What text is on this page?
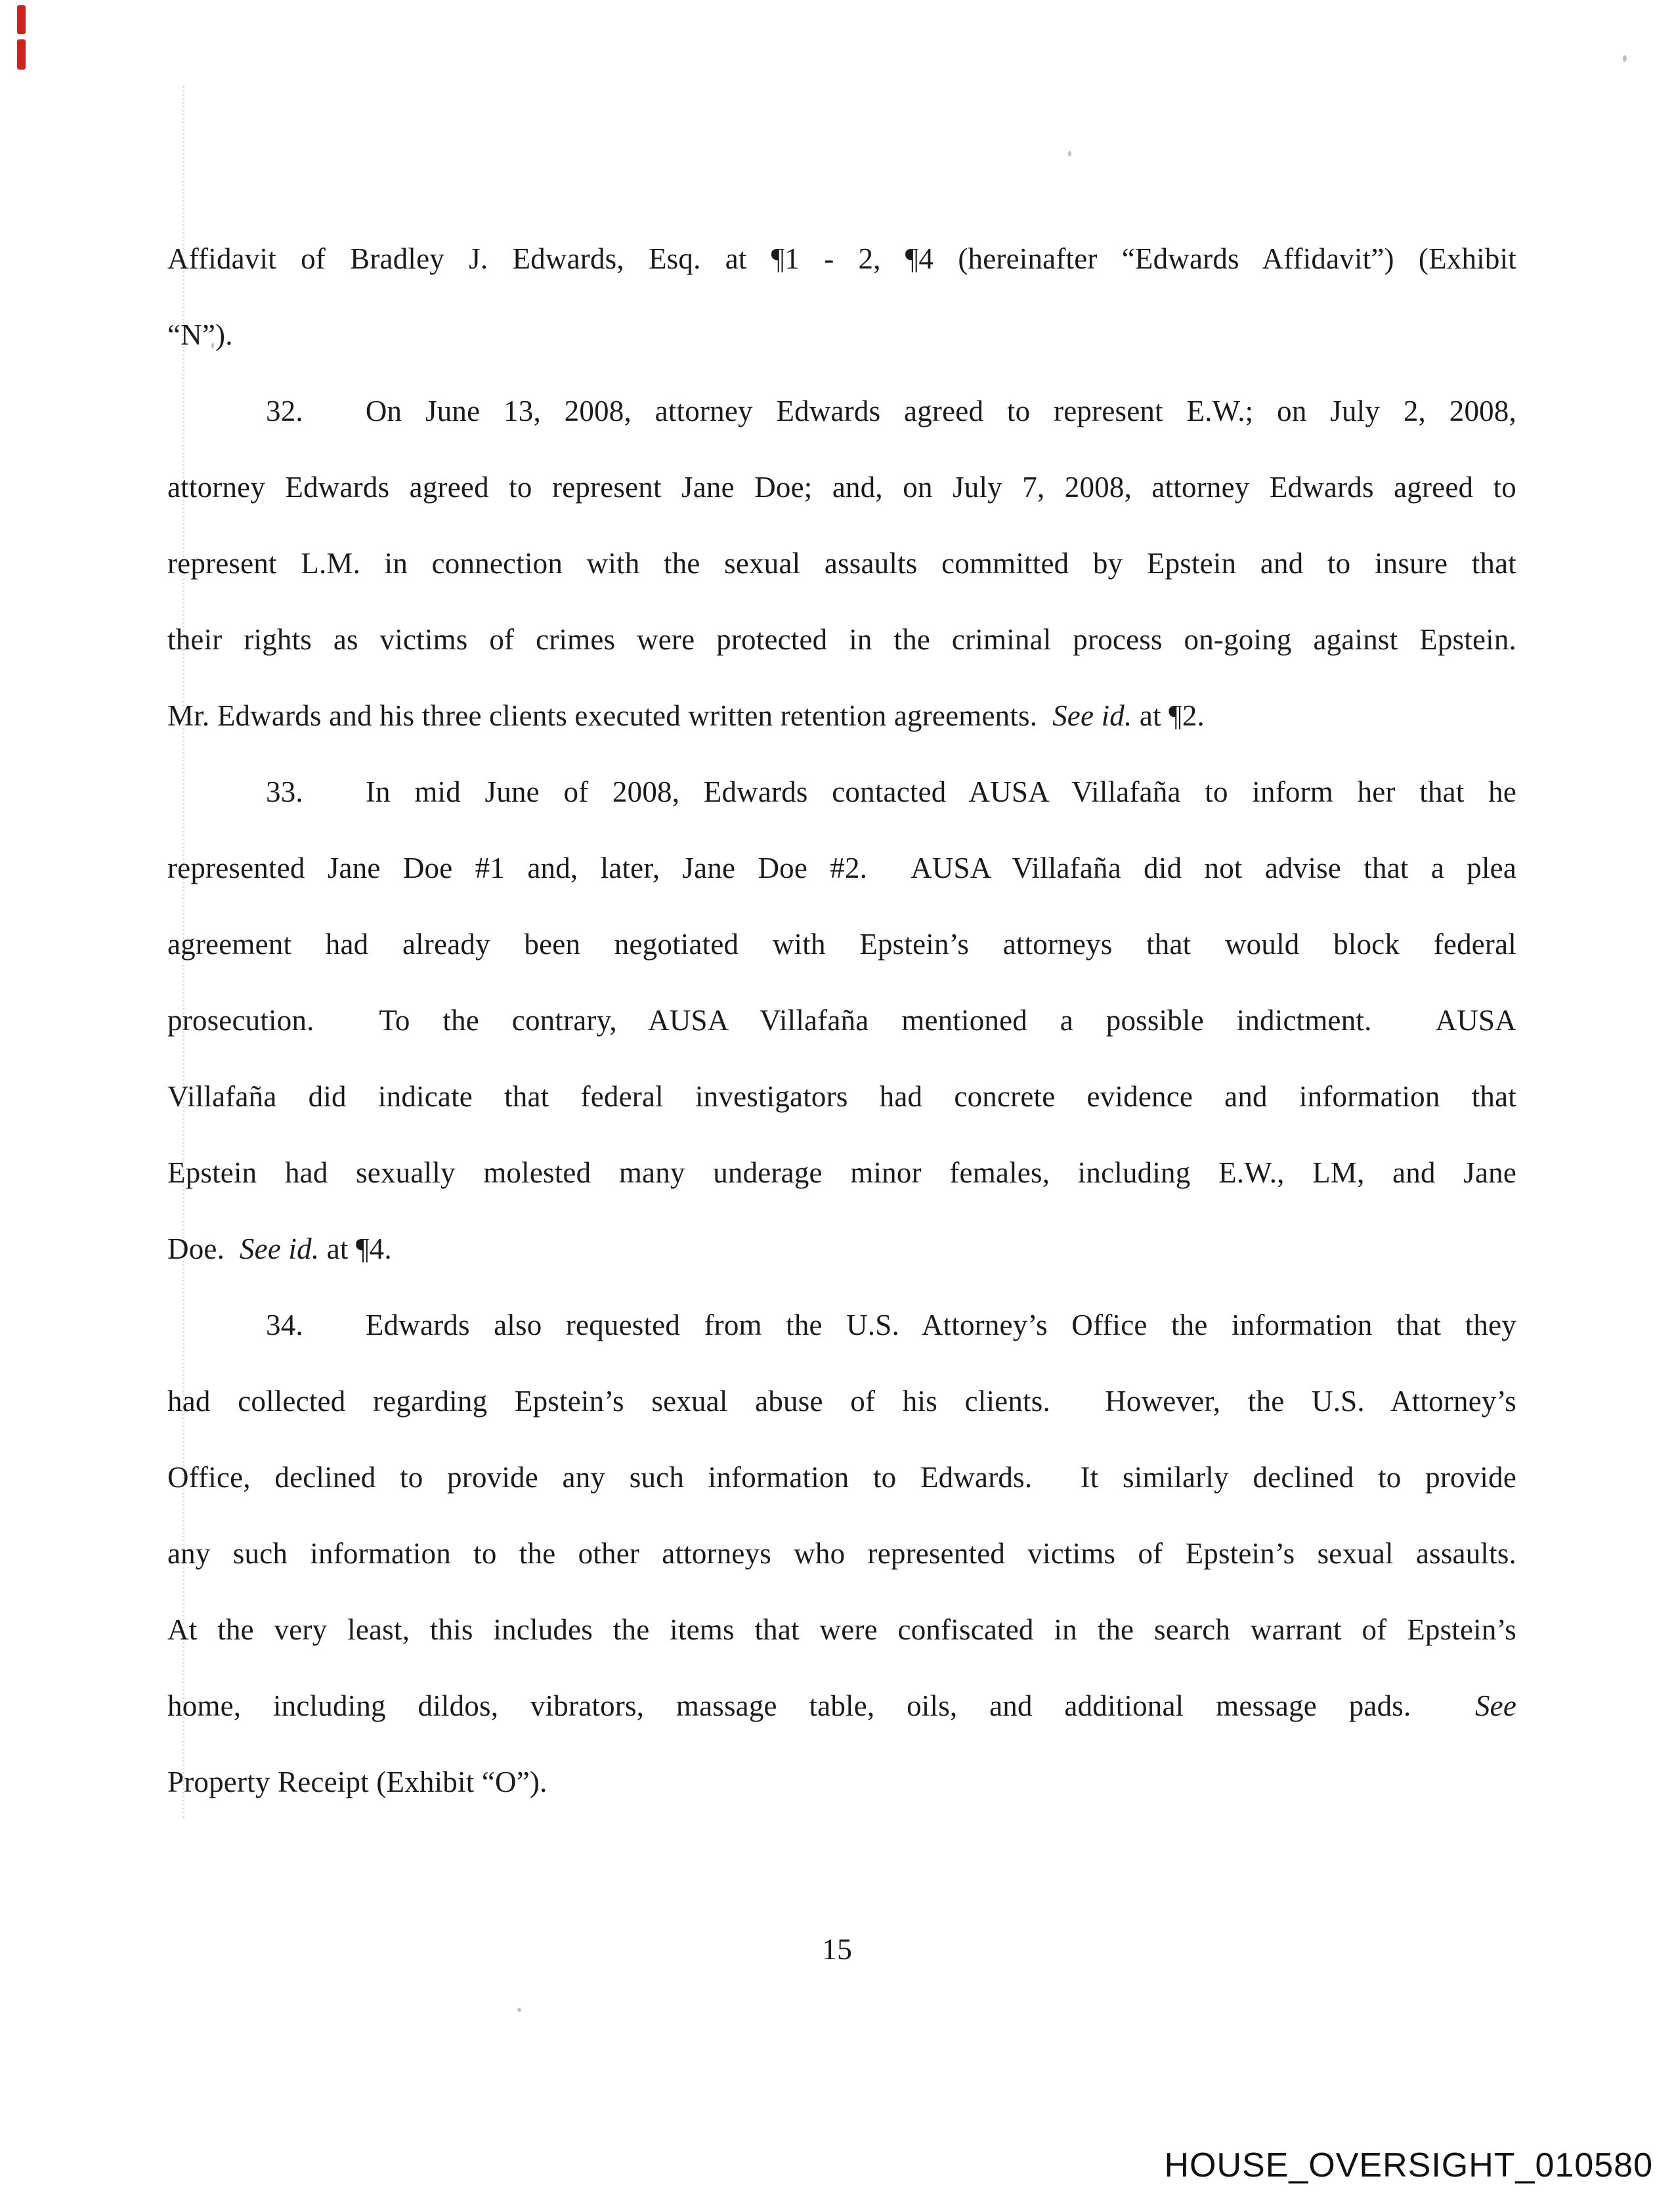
Affidavit of Bradley J. Edwards, Esq. at ¶1 - 2, ¶4 (hereinafter “Edwards Affidavit”) (Exhibit
“N”).
32. On June 13, 2008, attorney Edwards agreed to represent E.W.; on July 2, 2008,
attorney Edwards agreed to represent Jane Doe; and, on July 7, 2008, attorney Edwards agreed to
represent L.M. in connection with the sexual assaults committed by Epstein and to insure that
their rights as victims of crimes were protected in the criminal process on-going against Epstein.
Mr. Edwards and his three clients executed written retention agreements.  See id. at ¶2.
33. In mid June of 2008, Edwards contacted AUSA Villafaña to inform her that he
represented Jane Doe #1 and, later, Jane Doe #2.  AUSA Villafaña did not advise that a plea
agreement had already been negotiated with Epstein’s attorneys that would block federal
prosecution.  To the contrary, AUSA Villafaña mentioned a possible indictment.  AUSA
Villafaña did indicate that federal investigators had concrete evidence and information that
Epstein had sexually molested many underage minor females, including E.W., LM, and Jane
Doe.  See id. at ¶4.
34. Edwards also requested from the U.S. Attorney’s Office the information that they
had collected regarding Epstein’s sexual abuse of his clients.  However, the U.S. Attorney’s
Office, declined to provide any such information to Edwards.  It similarly declined to provide
any such information to the other attorneys who represented victims of Epstein’s sexual assaults.
At the very least, this includes the items that were confiscated in the search warrant of Epstein’s
home, including dildos, vibrators, massage table, oils, and additional message pads.  See
Property Receipt (Exhibit “O”).
15
HOUSE_OVERSIGHT_010580
